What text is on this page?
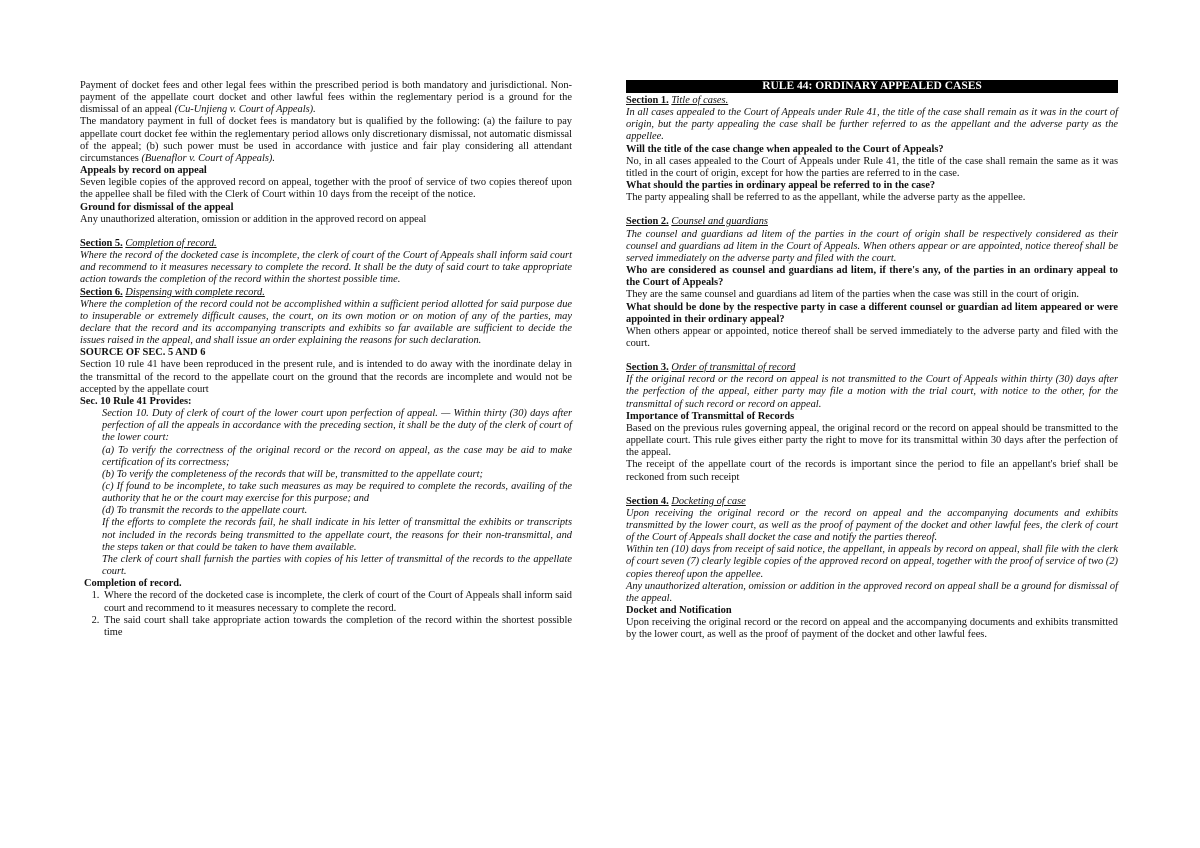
Payment of docket fees and other legal fees within the prescribed period is both mandatory and jurisdictional. Non-payment of the appellate court docket and other lawful fees within the reglementary period is a ground for the dismissal of an appeal (Cu-Unjieng v. Court of Appeals).

The mandatory payment in full of docket fees is mandatory but is qualified by the following: (a) the failure to pay appellate court docket fee within the reglementary period allows only discretionary dismissal, not automatic dismissal of the appeal; (b) such power must be used in accordance with justice and fair play considering all attendant circumstances (Buenaflor v. Court of Appeals).

Appeals by record on appeal

Seven legible copies of the approved record on appeal, together with the proof of service of two copies thereof upon the appellee shall be filed with the Clerk of Court within 10 days from the receipt of the notice.

Ground for dismissal of the appeal

Any unauthorized alteration, omission or addition in the approved record on appeal

Section 5. Completion of record.

Where the record of the docketed case is incomplete, the clerk of court of the Court of Appeals shall inform said court and recommend to it measures necessary to complete the record. It shall be the duty of said court to take appropriate action towards the completion of the record within the shortest possible time.

Section 6. Dispensing with complete record.

Where the completion of the record could not be accomplished within a sufficient period allotted for said purpose due to insuperable or extremely difficult causes, the court, on its own motion or on motion of any of the parties, may declare that the record and its accompanying transcripts and exhibits so far available are sufficient to decide the issues raised in the appeal, and shall issue an order explaining the reasons for such declaration.

SOURCE OF SEC. 5 AND 6

Section 10 rule 41 have been reproduced in the present rule, and is intended to do away with the inordinate delay in the transmittal of the record to the appellate court on the ground that the records are incomplete and would not be accepted by the appellate court

Sec. 10 Rule 41 Provides:

Section 10. Duty of clerk of court of the lower court upon perfection of appeal. — Within thirty (30) days after perfection of all the appeals in accordance with the preceding section, it shall be the duty of the clerk of court of the lower court:

(a) To verify the correctness of the original record or the record on appeal, as the case may be aid to make certification of its correctness;

(b) To verify the completeness of the records that will be, transmitted to the appellate court;

(c) If found to be incomplete, to take such measures as may be required to complete the records, availing of the authority that he or the court may exercise for this purpose; and

(d) To transmit the records to the appellate court.

If the efforts to complete the records fail, he shall indicate in his letter of transmittal the exhibits or transcripts not included in the records being transmitted to the appellate court, the reasons for their non-transmittal, and the steps taken or that could be taken to have them available.

The clerk of court shall furnish the parties with copies of his letter of transmittal of the records to the appellate court.

Completion of record.

1. Where the record of the docketed case is incomplete, the clerk of court of the Court of Appeals shall inform said court and recommend to it measures necessary to complete the record.
2. The said court shall take appropriate action towards the completion of the record within the shortest possible time
RULE 44: ORDINARY APPEALED CASES

Section 1. Title of cases.

In all cases appealed to the Court of Appeals under Rule 41, the title of the case shall remain as it was in the court of origin, but the party appealing the case shall be further referred to as the appellant and the adverse party as the appellee.

Will the title of the case change when appealed to the Court of Appeals?

No, in all cases appealed to the Court of Appeals under Rule 41, the title of the case shall remain the same as it was titled in the court of origin, except for how the parties are referred to in the case.

What should the parties in ordinary appeal be referred to in the case?

The party appealing shall be referred to as the appellant, while the adverse party as the appellee.

Section 2. Counsel and guardians

The counsel and guardians ad litem of the parties in the court of origin shall be respectively considered as their counsel and guardians ad litem in the Court of Appeals. When others appear or are appointed, notice thereof shall be served immediately on the adverse party and filed with the court.

Who are considered as counsel and guardians ad litem, if there's any, of the parties in an ordinary appeal to the Court of Appeals?

They are the same counsel and guardians ad litem of the parties when the case was still in the court of origin.

What should be done by the respective party in case a different counsel or guardian ad litem appeared or were appointed in their ordinary appeal?

When others appear or appointed, notice thereof shall be served immediately to the adverse party and filed with the court.

Section 3. Order of transmittal of record

If the original record or the record on appeal is not transmitted to the Court of Appeals within thirty (30) days after the perfection of the appeal, either party may file a motion with the trial court, with notice to the other, for the transmittal of such record or record on appeal.

Importance of Transmittal of Records

Based on the previous rules governing appeal, the original record or the record on appeal should be transmitted to the appellate court. This rule gives either party the right to move for its transmittal within 30 days after the perfection of the appeal.

The receipt of the appellate court of the records is important since the period to file an appellant's brief shall be reckoned from such receipt

Section 4. Docketing of case

Upon receiving the original record or the record on appeal and the accompanying documents and exhibits transmitted by the lower court, as well as the proof of payment of the docket and other lawful fees, the clerk of court of the Court of Appeals shall docket the case and notify the parties thereof.

Within ten (10) days from receipt of said notice, the appellant, in appeals by record on appeal, shall file with the clerk of court seven (7) clearly legible copies of the approved record on appeal, together with the proof of service of two (2) copies thereof upon the appellee.

Any unauthorized alteration, omission or addition in the approved record on appeal shall be a ground for dismissal of the appeal.

Docket and Notification

Upon receiving the original record or the record on appeal and the accompanying documents and exhibits transmitted by the lower court, as well as the proof of payment of the docket and other lawful fees.
